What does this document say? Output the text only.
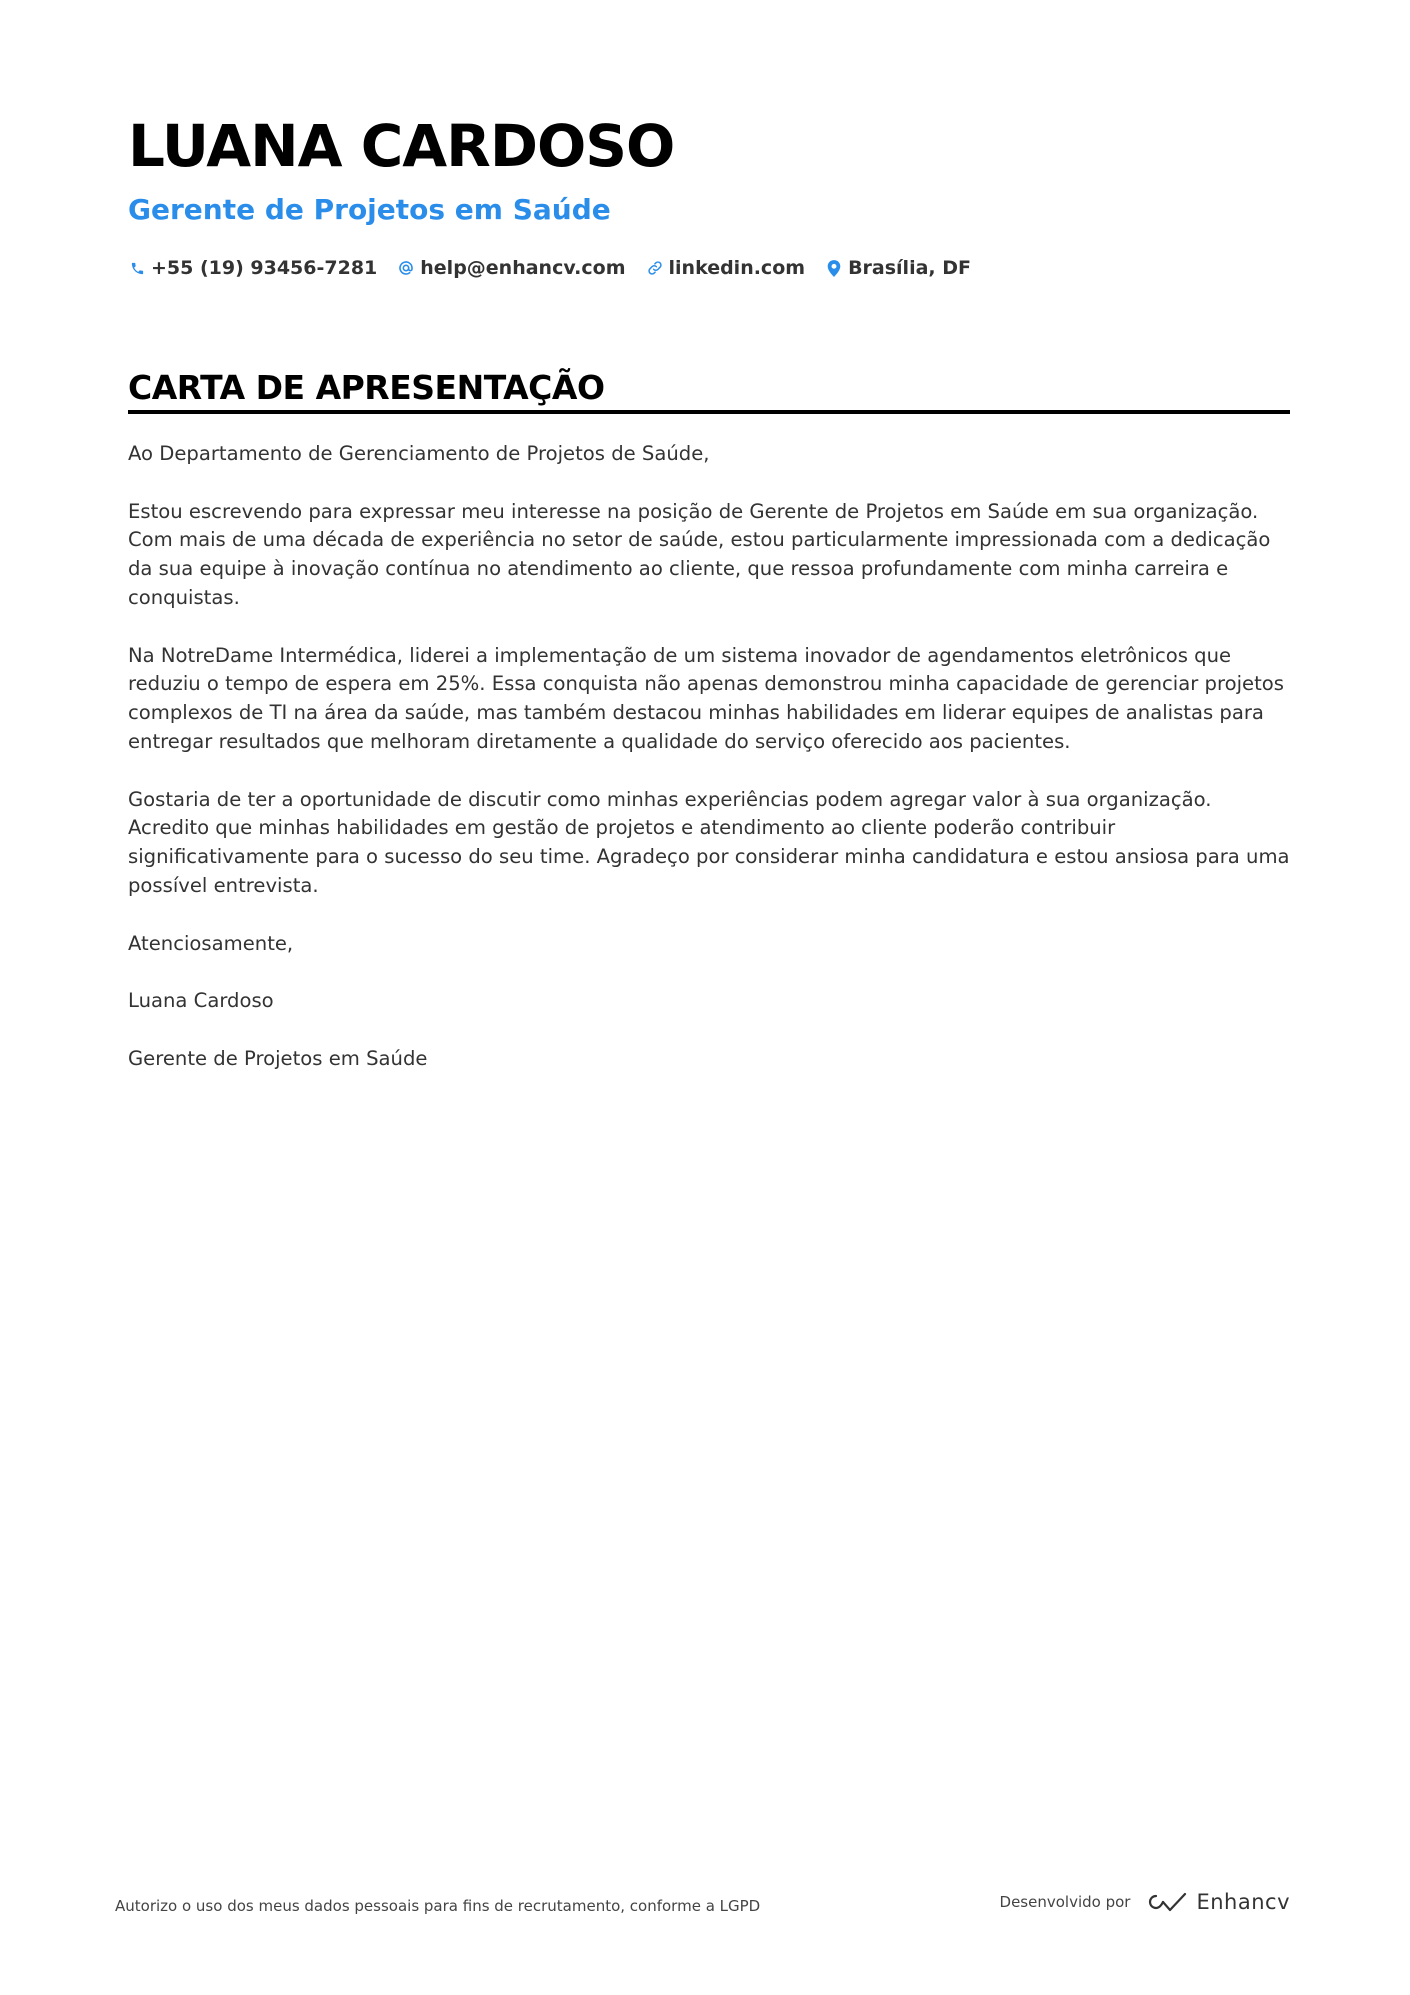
LUANA CARDOSO
Gerente de Projetos em Saúde
+55 (19) 93456-7281 help@enhancv.com linkedin.com Brasília, DF
CARTA DE APRESENTAÇÃO

Ao Departamento de Gerenciamento de Projetos de Saúde,

Estou escrevendo para expressar meu interesse na posição de Gerente de Projetos em Saúde em sua organização. Com mais de uma década de experiência no setor de saúde, estou particularmente impressionada com a dedicação da sua equipe à inovação contínua no atendimento ao cliente, que ressoa profundamente com minha carreira e conquistas.

Na NotreDame Intermédica, liderei a implementação de um sistema inovador de agendamentos eletrônicos que reduziu o tempo de espera em 25%. Essa conquista não apenas demonstrou minha capacidade de gerenciar projetos complexos de TI na área da saúde, mas também destacou minhas habilidades em liderar equipes de analistas para entregar resultados que melhoram diretamente a qualidade do serviço oferecido aos pacientes.

Gostaria de ter a oportunidade de discutir como minhas experiências podem agregar valor à sua organização. Acredito que minhas habilidades em gestão de projetos e atendimento ao cliente poderão contribuir significativamente para o sucesso do seu time. Agradeço por considerar minha candidatura e estou ansiosa para uma possível entrevista.

Atenciosamente,

Luana Cardoso

Gerente de Projetos em Saúde

Autorizo o uso dos meus dados pessoais para fins de recrutamento, conforme a LGPD	Desenvolvido por	Enhancv
